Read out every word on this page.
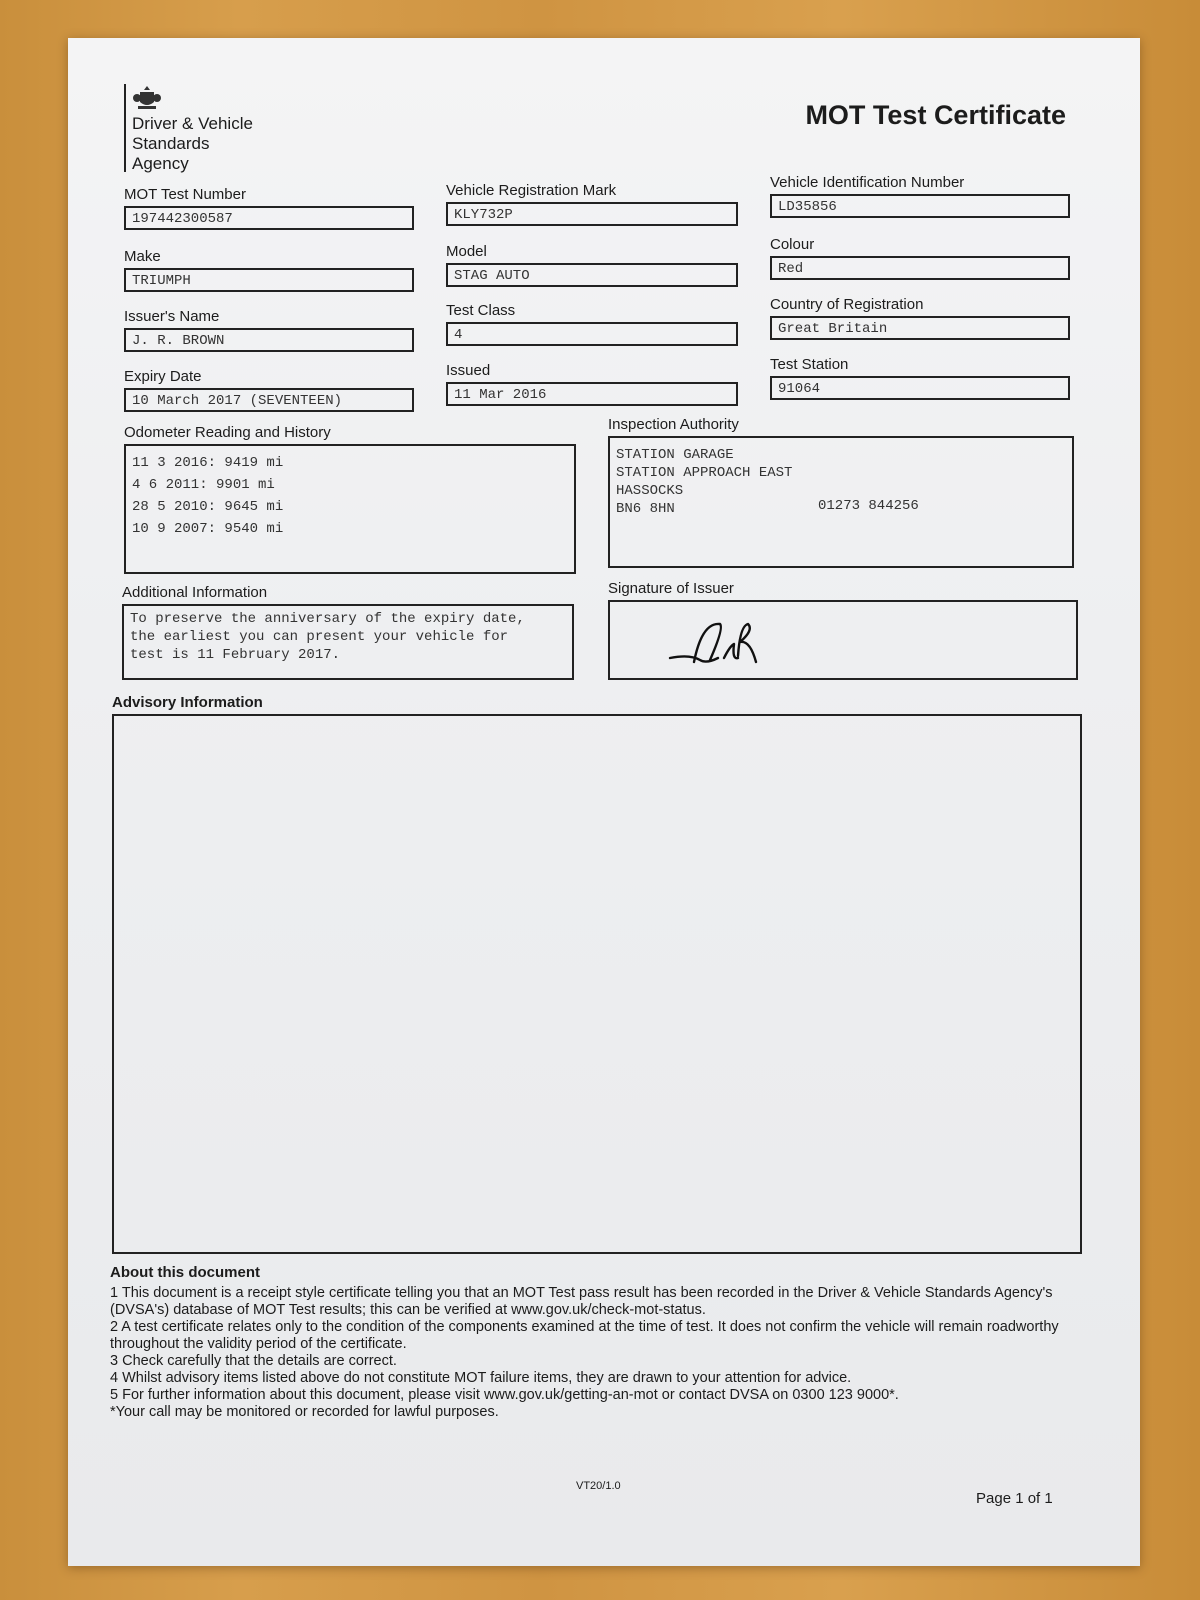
Driver & Vehicle
Standards
Agency
MOT Test Certificate
MOT Test Number
197442300587
Vehicle Registration Mark
KLY732P
Vehicle Identification Number
LD35856
Make
TRIUMPH
Model
STAG AUTO
Colour
Red
Issuer's Name
J. R. BROWN
Test Class
4
Country of Registration
Great Britain
Expiry Date
10 March 2017 (SEVENTEEN)
Issued
11 Mar 2016
Test Station
91064
Odometer Reading and History
11 3 2016: 9419 mi
4 6 2011: 9901 mi
28 5 2010: 9645 mi
10 9 2007: 9540 mi
Inspection Authority
STATION GARAGE
STATION APPROACH EAST
HASSOCKS
BN6 8HN	01273 844256
Additional Information
To preserve the anniversary of the expiry date,
the earliest you can present your vehicle for
test is 11 February 2017.
Signature of Issuer
Advisory Information
About this document
1 This document is a receipt style certificate telling you that an MOT Test pass result has been recorded in the Driver & Vehicle Standards Agency's (DVSA's) database of MOT Test results; this can be verified at www.gov.uk/check-mot-status.
2 A test certificate relates only to the condition of the components examined at the time of test. It does not confirm the vehicle will remain roadworthy throughout the validity period of the certificate.
3 Check carefully that the details are correct.
4 Whilst advisory items listed above do not constitute MOT failure items, they are drawn to your attention for advice.
5 For further information about this document, please visit www.gov.uk/getting-an-mot or contact DVSA on 0300 123 9000*.
*Your call may be monitored or recorded for lawful purposes.
VT20/1.0
Page 1 of 1
